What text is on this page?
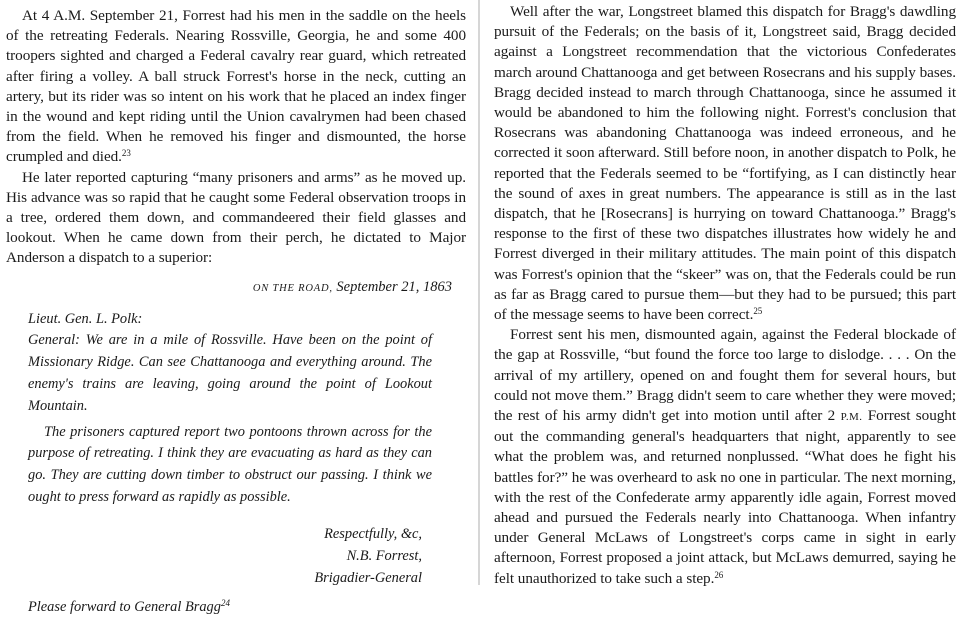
At 4 A.M. September 21, Forrest had his men in the saddle on the heels of the retreating Federals. Nearing Rossville, Georgia, he and some 400 troopers sighted and charged a Federal cavalry rear guard, which retreated after firing a volley. A ball struck Forrest's horse in the neck, cutting an artery, but its rider was so intent on his work that he placed an index finger in the wound and kept riding until the Union cavalrymen had been chased from the field. When he removed his finger and dismounted, the horse crumpled and died.$^{23}$

He later reported capturing “many prisoners and arms” as he moved up. His advance was so rapid that he caught some Federal observation troops in a tree, ordered them down, and commandeered their field glasses and lookout. When he came down from their perch, he dictated to Major Anderson a dispatch to a superior:

ON THE ROAD, September 21, 1863

Lieut. Gen. L. Polk:

General: We are in a mile of Rossville. Have been on the point of Missionary Ridge. Can see Chattanooga and everything around. The enemy's trains are leaving, going around the point of Lookout Mountain.

The prisoners captured report two pontoons thrown across for the purpose of retreating. I think they are evacuating as hard as they can go. They are cutting down timber to obstruct our passing. I think we ought to press forward as rapidly as possible.

Respectfully, &c,
N.B. Forrest,
Brigadier-General
Please forward to General Bragg$^{24}$

Well after the war, Longstreet blamed this dispatch for Bragg's dawdling pursuit of the Federals; on the basis of it, Longstreet said, Bragg decided against a Longstreet recommendation that the victorious Confederates march around Chattanooga and get between Rosecrans and his supply bases. Bragg decided instead to march through Chattanooga, since he assumed it would be abandoned to him the following night. Forrest's conclusion that Rosecrans was abandoning Chattanooga was indeed erroneous, and he corrected it soon afterward. Still before noon, in another dispatch to Polk, he reported that the Federals seemed to be “fortifying, as I can distinctly hear the sound of axes in great numbers. The appearance is still as in the last dispatch, that he [Rosecrans] is hurrying on toward Chattanooga.” Bragg's response to the first of these two dispatches illustrates how widely he and Forrest diverged in their military attitudes. The main point of this dispatch was Forrest's opinion that the “skeer” was on, that the Federals could be run as far as Bragg cared to pursue them—but they had to be pursued; this part of the message seems to have been correct.$^{25}$

Forrest sent his men, dismounted again, against the Federal blockade of the gap at Rossville, “but found the force too large to dislodge. . . . On the arrival of my artillery, opened on and fought them for several hours, but could not move them.” Bragg didn't seem to care whether they were moved; the rest of his army didn't get into motion until after 2 P.M. Forrest sought out the commanding general's headquarters that night, apparently to see what the problem was, and returned nonplussed. “What does he fight his battles for?” he was overheard to ask no one in particular. The next morning, with the rest of the Confederate army apparently idle again, Forrest moved ahead and pursued the Federals nearly into Chattanooga. When infantry under General McLaws of Longstreet's corps came in sight in early afternoon, Forrest proposed a joint attack, but McLaws demurred, saying he felt unauthorized to take such a step.$^{26}$
